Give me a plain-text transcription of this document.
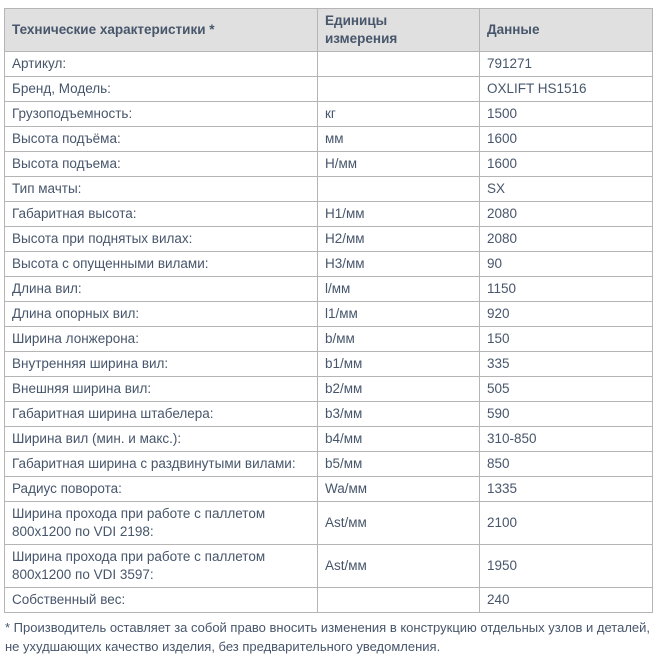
Технические характеристики *	Единицы измерения	Данные
Артикул:		791271
Бренд, Модель:		OXLIFT HS1516
Грузоподъемность:	кг	1500
Высота подъёма:	мм	1600
Высота подъема:	Н/мм	1600
Тип мачты:		SX
Габаритная высота:	Н1/мм	2080
Высота при поднятых вилах:	Н2/мм	2080
Высота с опущенными вилами:	Н3/мм	90
Длина вил:	l/мм	1150
Длина опорных вил:	l1/мм	920
Ширина лонжерона:	b/мм	150
Внутренняя ширина вил:	b1/мм	335
Внешняя ширина вил:	b2/мм	505
Габаритная ширина штабелера:	b3/мм	590
Ширина вил (мин. и макс.):	b4/мм	310-850
Габаритная ширина с раздвинутыми вилами:	b5/мм	850
Радиус поворота:	Wa/мм	1335
Ширина прохода при работе с паллетом 800x1200 по VDI 2198:	Ast/мм	2100
Ширина прохода при работе с паллетом 800x1200 по VDI 3597:	Ast/мм	1950
Собственный вес:		240

* Производитель оставляет за собой право вносить изменения в конструкцию отдельных узлов и деталей, не ухудшающих качество изделия, без предварительного уведомления.
